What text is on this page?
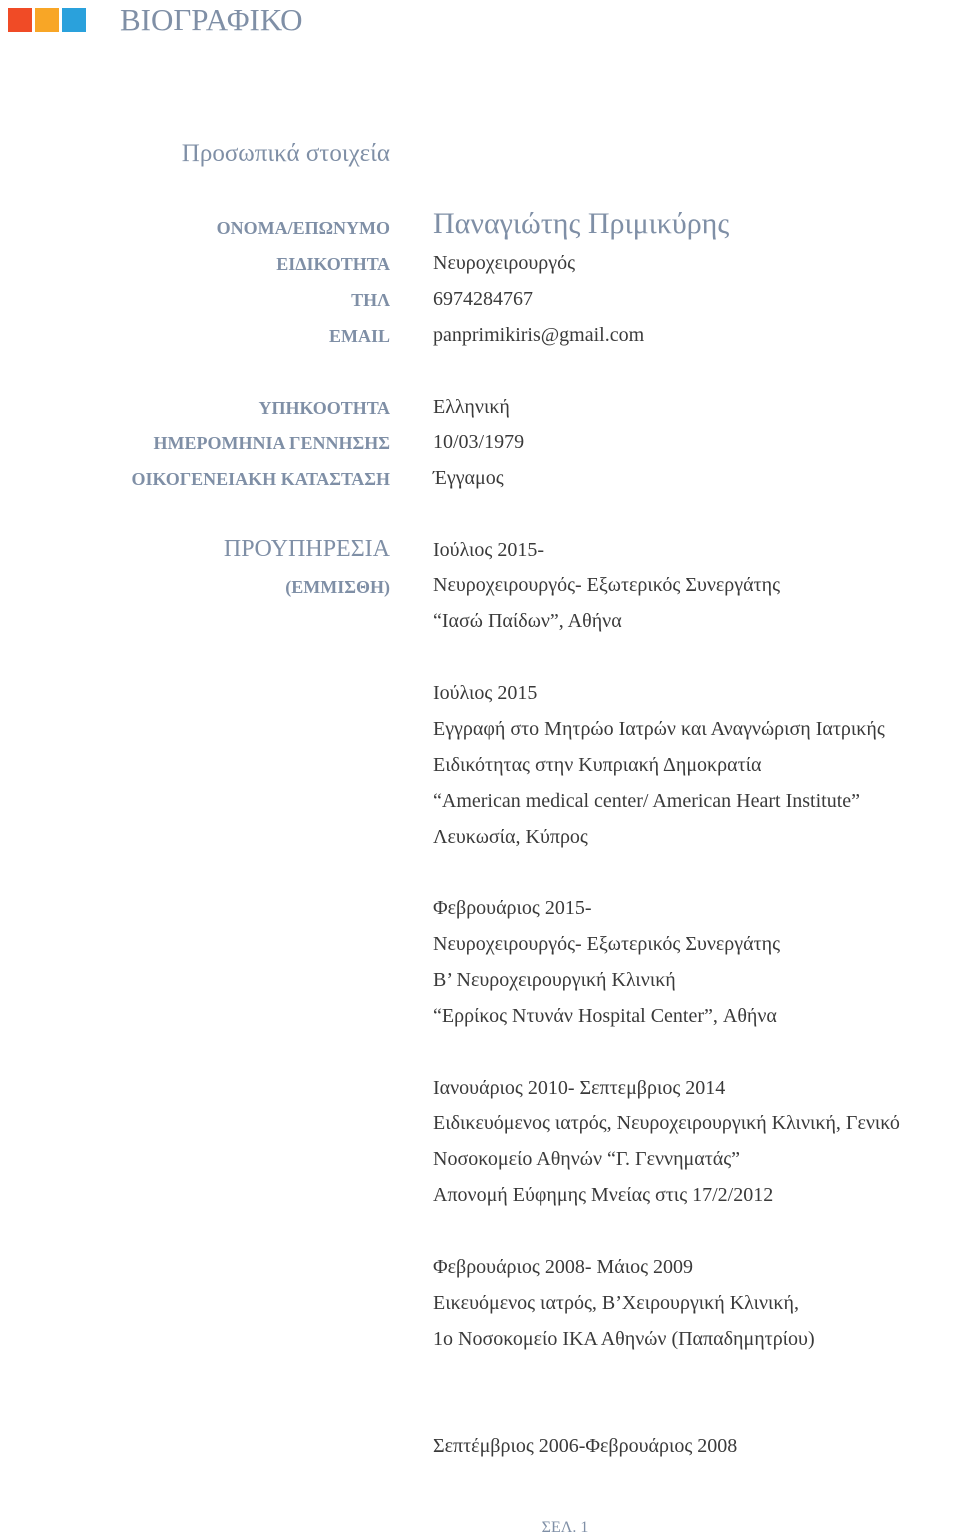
ΒΙΟΓΡΑΦΙΚΟ
Προσωπικά στοιχεία
ΟΝΟΜΑ/ΕΠΩΝΥΜΟ Παναγιώτης Πριμικύρης
ΕΙΔΙΚΟΤΗΤΑ Νευροχειρουργός
ΤΗΛ 6974284767
EMAIL panprimikiris@gmail.com
ΥΠΗΚΟΟΤΗΤΑ Ελληνική
ΗΜΕΡΟΜΗΝΙΑ ΓΕΝΝΗΣΗΣ 10/03/1979
ΟΙΚΟΓΕΝΕΙΑΚΗ ΚΑΤΑΣΤΑΣΗ Έγγαμος
ΠΡΟΥΠΗΡΕΣΙΑ
(ΕΜΜΙΣΘΗ)
Ιούλιος 2015-
Νευροχειρουργός- Εξωτερικός Συνεργάτης
“Ιασώ Παίδων”, Αθήνα
Ιούλιος 2015
Εγγραφή στο Μητρώο Ιατρών και Αναγνώριση Ιατρικής
Ειδικότητας στην Κυπριακή Δημοκρατία
“American medical center/ American Heart Institute”
Λευκωσία, Κύπρος
Φεβρουάριος 2015-
Νευροχειρουργός- Εξωτερικός Συνεργάτης
Β’ Νευροχειρουργική Κλινική
“Ερρίκος Ντυνάν Hospital Center”, Αθήνα
Ιανουάριος 2010- Σεπτεμβριος 2014
Ειδικευόμενος ιατρός, Νευροχειρουργική Κλινική, Γενικό
Νοσοκομείο Αθηνών “Γ. Γεννηματάς”
Απονομή Εύφημης Μνείας στις 17/2/2012
Φεβρουάριος 2008- Μάιος 2009
Εικευόμενος ιατρός, Β’Χειρουργική Κλινική,
1ο Νοσοκομείο ΙΚΑ Αθηνών (Παπαδημητρίου)
Σεπτέμβριος 2006-Φεβρουάριος 2008
ΣΕΛ. 1
